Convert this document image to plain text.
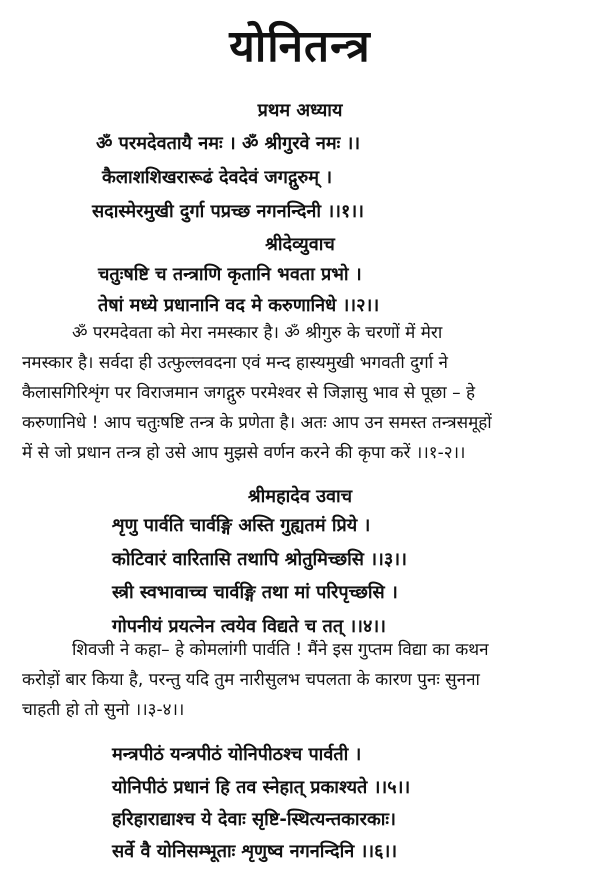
योनितन्त्र
प्रथम अध्याय
ॐ परमदेवतायै नमः । ॐ श्रीगुरवे नमः ।।
कैलाशशिखरारूढं देवदेवं जगद्गुरुम् ।
सदास्मेरमुखी दुर्गा पप्रच्छ नगनन्दिनी ।।१।।
श्रीदेव्युवाच
चतुःषष्टि च तन्त्राणि कृतानि भवता प्रभो ।
तेषां मध्ये प्रधानानि वद मे करुणानिधे ।।२।।
ॐ परमदेवता को मेरा नमस्कार है। ॐ श्रीगुरु के चरणों में मेरा
नमस्कार है। सर्वदा ही उत्फुल्लवदना एवं मन्द हास्यमुखी भगवती दुर्गा ने
कैलासगिरिशृंग पर विराजमान जगद्गुरु परमेश्वर से जिज्ञासु भाव से पूछा – हे
करुणानिधे ! आप चतुःषष्टि तन्त्र के प्रणेता है। अतः आप उन समस्त तन्त्रसमूहों
में से जो प्रधान तन्त्र हो उसे आप मुझसे वर्णन करने की कृपा करें ।।१-२।।
श्रीमहादेव उवाच
शृणु पार्वति चार्वङ्गि अस्ति गुह्यतमं प्रिये ।
कोटिवारं वारितासि तथापि श्रोतुमिच्छसि ।।३।।
स्त्री स्वभावाच्च चार्वङ्गि तथा मां परिपृच्छसि ।
गोपनीयं प्रयत्नेन त्वयेव विद्यते च तत् ।।४।।
शिवजी ने कहा– हे कोमलांगी पार्वति ! मैंने इस गुप्तम विद्या का कथन
करोड़ों बार किया है, परन्तु यदि तुम नारीसुलभ चपलता के कारण पुनः सुनना
चाहती हो तो सुनो ।।३-४।।
मन्त्रपीठं यन्त्रपीठं योनिपीठश्च पार्वती ।
योनिपीठं प्रधानं हि तव स्नेहात् प्रकाश्यते ।।५।।
हरिहाराद्याश्च ये देवाः सृष्टि-स्थित्यन्तकारकाः।
सर्वे वै योनिसम्भूताः शृणुष्व नगनन्दिनि ।।६।।
